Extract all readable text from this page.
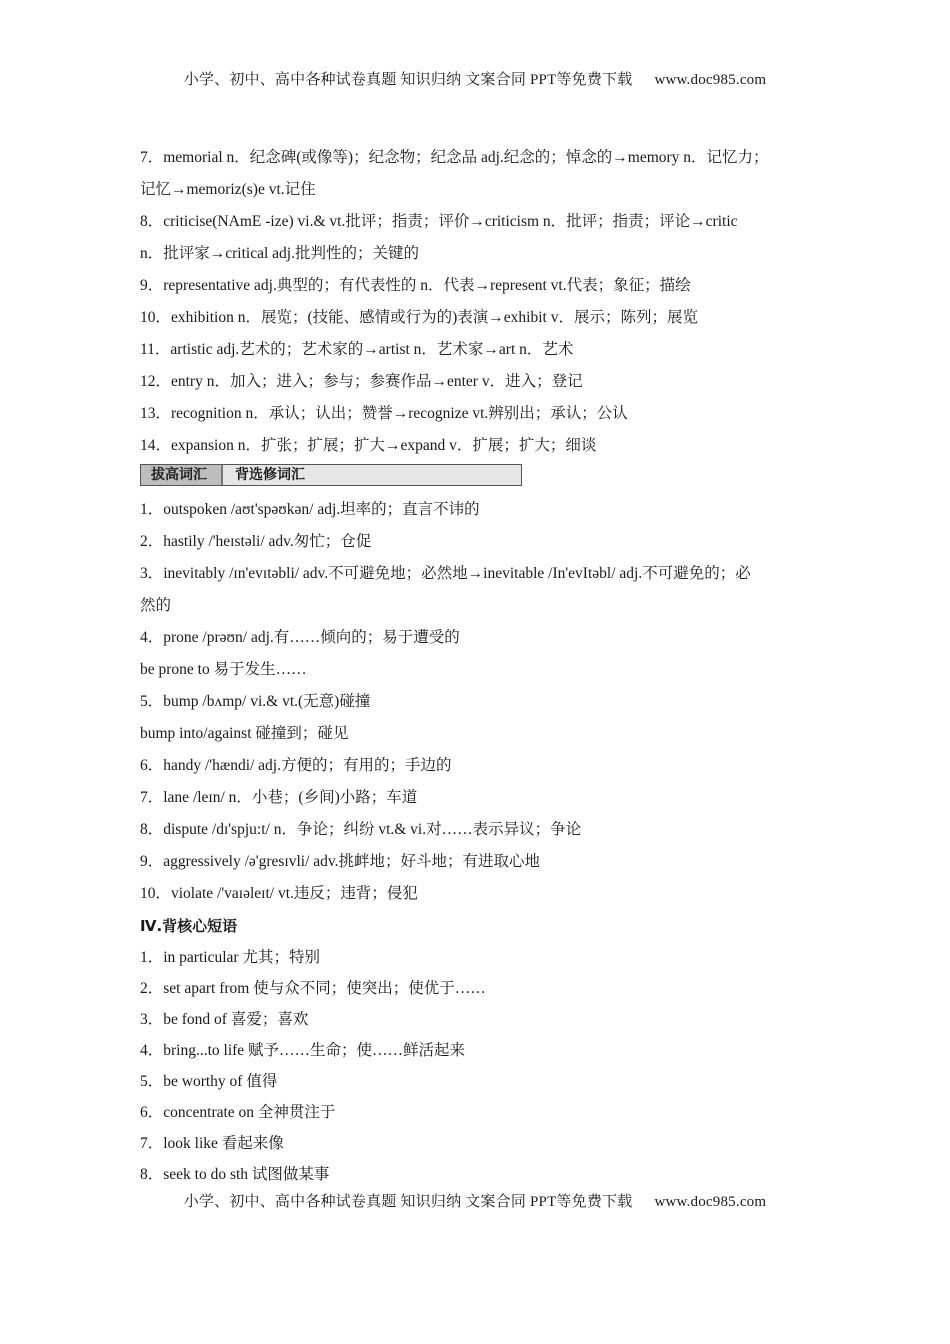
小学、初中、高中各种试卷真题 知识归纳 文案合同 PPT等免费下载 www.doc985.com
7．memorial n．纪念碑(或像等)；纪念物；纪念品 adj.纪念的；悼念的→memory n．记忆力；
记忆→memoriz(s)e vt.记住
8．criticise(NAmE -ize) vi.& vt.批评；指责；评价→criticism n．批评；指责；评论→critic
n．批评家→critical adj.批判性的；关键的
9．representative adj.典型的；有代表性的 n．代表→represent vt.代表；象征；描绘
10．exhibition n．展览；(技能、感情或行为的)表演→exhibit v．展示；陈列；展览
11．artistic adj.艺术的；艺术家的→artist n．艺术家→art n．艺术
12．entry n．加入；进入；参与；参赛作品→enter v．进入；登记
13．recognition n．承认；认出；赞誉→recognize vt.辨别出；承认；公认
14．expansion n．扩张；扩展；扩大→expand v．扩展；扩大；细谈
拔高词汇	背选修词汇
1．outspoken /aʊt'spəʊkən/ adj.坦率的；直言不讳的
2．hastily /'heɪstəli/ adv.匆忙；仓促
3．inevitably /ɪn'evɪtəbli/ adv.不可避免地；必然地→inevitable /In'evItəbl/ adj.不可避免的；必
然的
4．prone /prəʊn/ adj.有……倾向的；易于遭受的
be prone to 易于发生……
5．bump /bʌmp/ vi.& vt.(无意)碰撞
bump into/against 碰撞到；碰见
6．handy /'hændi/ adj.方便的；有用的；手边的
7．lane /leɪn/ n．小巷；(乡间)小路；车道
8．dispute /dɪ'spju:t/ n．争论；纠纷 vt.& vi.对……表示异议；争论
9．aggressively /ə'gresɪvli/ adv.挑衅地；好斗地；有进取心地
10．violate /'vaɪəleɪt/ vt.违反；违背；侵犯
Ⅳ.背核心短语
1．in particular 尤其；特别
2．set apart from 使与众不同；使突出；使优于……
3．be fond of 喜爱；喜欢
4．bring...to life 赋予……生命；使……鲜活起来
5．be worthy of 值得
6．concentrate on 全神贯注于
7．look like 看起来像
8．seek to do sth 试图做某事
小学、初中、高中各种试卷真题 知识归纳 文案合同 PPT等免费下载 www.doc985.com
